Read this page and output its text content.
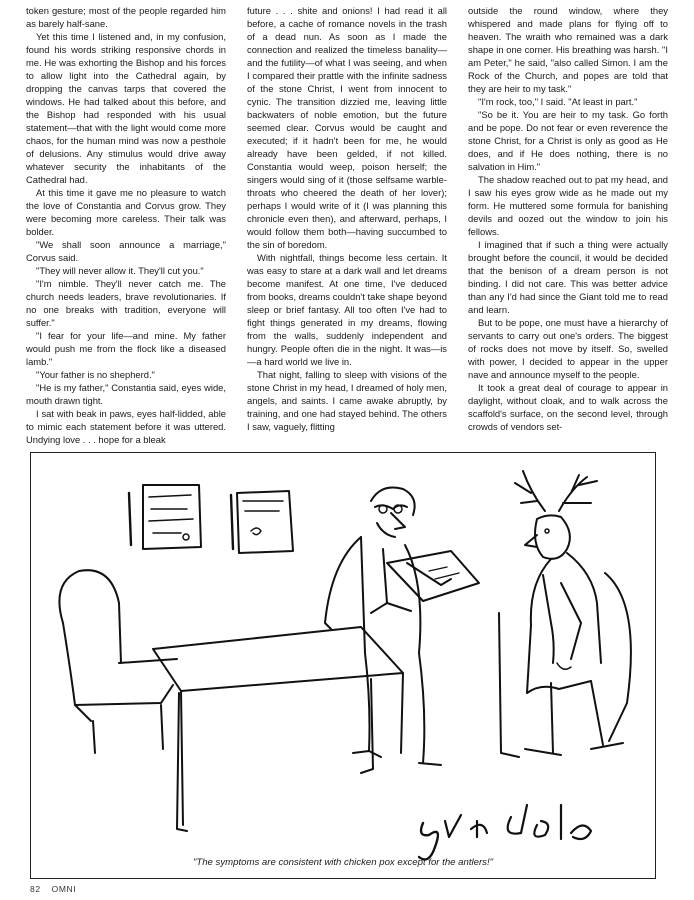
token gesture; most of the people regarded him as barely half-sane.

Yet this time I listened and, in my confusion, found his words striking responsive chords in me. He was exhorting the Bishop and his forces to allow light into the Cathedral again, by dropping the canvas tarps that covered the windows. He had talked about this before, and the Bishop had responded with his usual statement—that with the light would come more chaos, for the human mind was now a pesthole of delusions. Any stimulus would drive away whatever security the inhabitants of the Cathedral had.

At this time it gave me no pleasure to watch the love of Constantia and Corvus grow. They were becoming more careless. Their talk was bolder.

"We shall soon announce a marriage," Corvus said.

"They will never allow it. They'll cut you."

"I'm nimble. They'll never catch me. The church needs leaders, brave revolutionaries. If no one breaks with tradition, everyone will suffer."

"I fear for your life—and mine. My father would push me from the flock like a diseased lamb."

"Your father is no shepherd."

"He is my father," Constantia said, eyes wide, mouth drawn tight.

I sat with beak in paws, eyes half-lidded, able to mimic each statement before it was uttered. Undying love . . . hope for a bleak

future . . . shite and onions! I had read it all before, a cache of romance novels in the trash of a dead nun. As soon as I made the connection and realized the timeless banality—and the futility—of what I was seeing, and when I compared their prattle with the infinite sadness of the stone Christ, I went from innocent to cynic. The transition dizzied me, leaving little backwaters of noble emotion, but the future seemed clear. Corvus would be caught and executed; if it hadn't been for me, he would already have been gelded, if not killed. Constantia would weep, poison herself; the singers would sing of it (those selfsame warble-throats who cheered the death of her lover); perhaps I would write of it (I was planning this chronicle even then), and afterward, perhaps, I would follow them both—having succumbed to the sin of boredom.

With nightfall, things become less certain. It was easy to stare at a dark wall and let dreams become manifest. At one time, I've deduced from books, dreams couldn't take shape beyond sleep or brief fantasy. All too often I've had to fight things generated in my dreams, flowing from the walls, suddenly independent and hungry. People often die in the night. It was—is—a hard world we live in.

That night, falling to sleep with visions of the stone Christ in my head, I dreamed of holy men, angels, and saints. I came awake abruptly, by training, and one had stayed behind. The others I saw, vaguely, flitting

outside the round window, where they whispered and made plans for flying off to heaven. The wraith who remained was a dark shape in one corner. His breathing was harsh. "I am Peter," he said, "also called Simon. I am the Rock of the Church, and popes are told that they are heir to my task."

"I'm rock, too," I said. "At least in part."

"So be it. You are heir to my task. Go forth and be pope. Do not fear or even reverence the stone Christ, for a Christ is only as good as He does, and if He does nothing, there is no salvation in Him."

The shadow reached out to pat my head, and I saw his eyes grow wide as he made out my form. He muttered some formula for banishing devils and oozed out the window to join his fellows.

I imagined that if such a thing were actually brought before the council, it would be decided that the benison of a dream person is not binding. I did not care. This was better advice than any I'd had since the Giant told me to read and learn.

But to be pope, one must have a hierarchy of servants to carry out one's orders. The biggest of rocks does not move by itself. So, swelled with power, I decided to appear in the upper nave and announce myself to the people.

It took a great deal of courage to appear in daylight, without cloak, and to walk across the scaffold's surface, on the second level, through crowds of vendors set-

"The symptoms are consistent with chicken pox except for the antlers!"
82 OMNI
